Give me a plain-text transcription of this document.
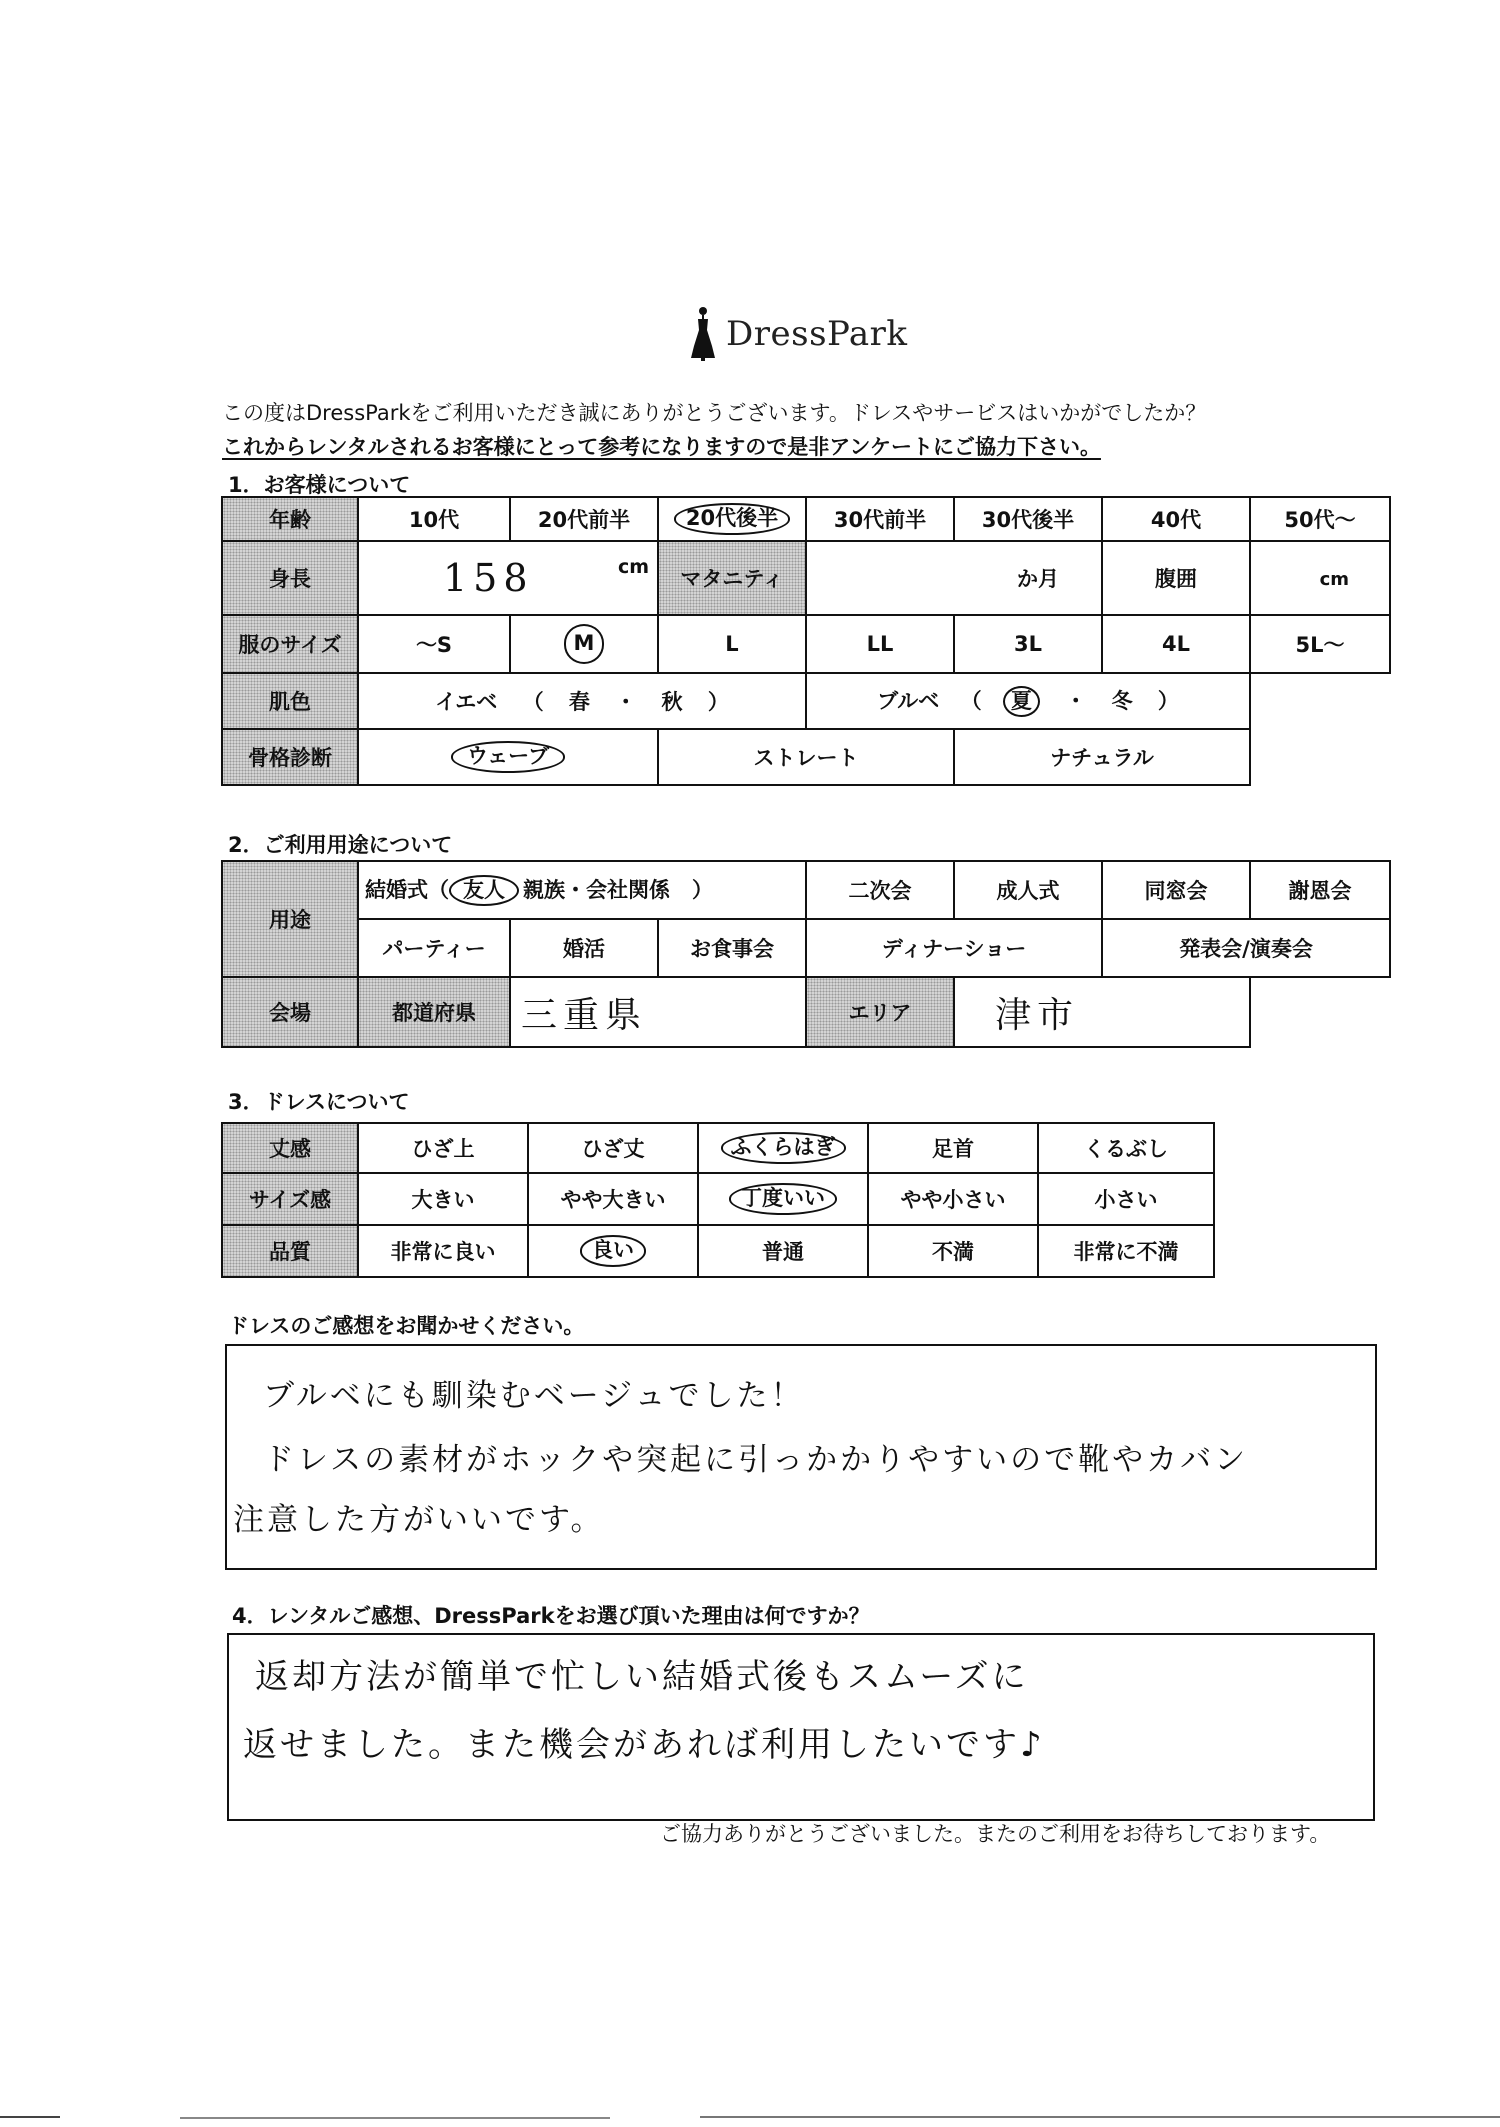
DressPark
この度はDressParkをご利用いただき誠にありがとうございます。ドレスやサービスはいかがでしたか？
これからレンタルされるお客様にとって参考になりますので是非アンケートにご協力下さい。
1．お客様について
年齢	10代	20代前半	20代後半	30代前半	30代後半	40代	50代～
身長	158 cm		マタニティ	か月		腹囲	cm
服のサイズ	～S	M	L	LL	3L	4L	5L～
肌色	イエベ （ 春 ・ 秋 ）			ブルベ （ 夏 ・ 冬 ）			
骨格診断	ウェーブ		ストレート		ナチュラル		
2．ご利用用途について
用途	結婚式（ 友人 親族・会社関係 ）			二次会	成人式	同窓会	謝恩会
	パーティー	婚活	お食事会	ディナーショー		発表会/演奏会	
会場	都道府県	三重県		エリア	津市		
3．ドレスについて
丈感	ひざ上	ひざ丈	ふくらはぎ	足首	くるぶし
サイズ感	大きい	やや大きい	丁度いい	やや小さい	小さい
品質	非常に良い	良い	普通	不満	非常に不満
ドレスのご感想をお聞かせください。
ブルベにも馴染むベージュでした！
ドレスの素材がホックや突起に引っかかりやすいので靴やカバン
注意した方がいいです。
4．レンタルご感想、DressParkをお選び頂いた理由は何ですか？
返却方法が簡単で忙しい結婚式後もスムーズに
返せました。また機会があれば利用したいです♪
ご協力ありがとうございました。またのご利用をお待ちしております。
